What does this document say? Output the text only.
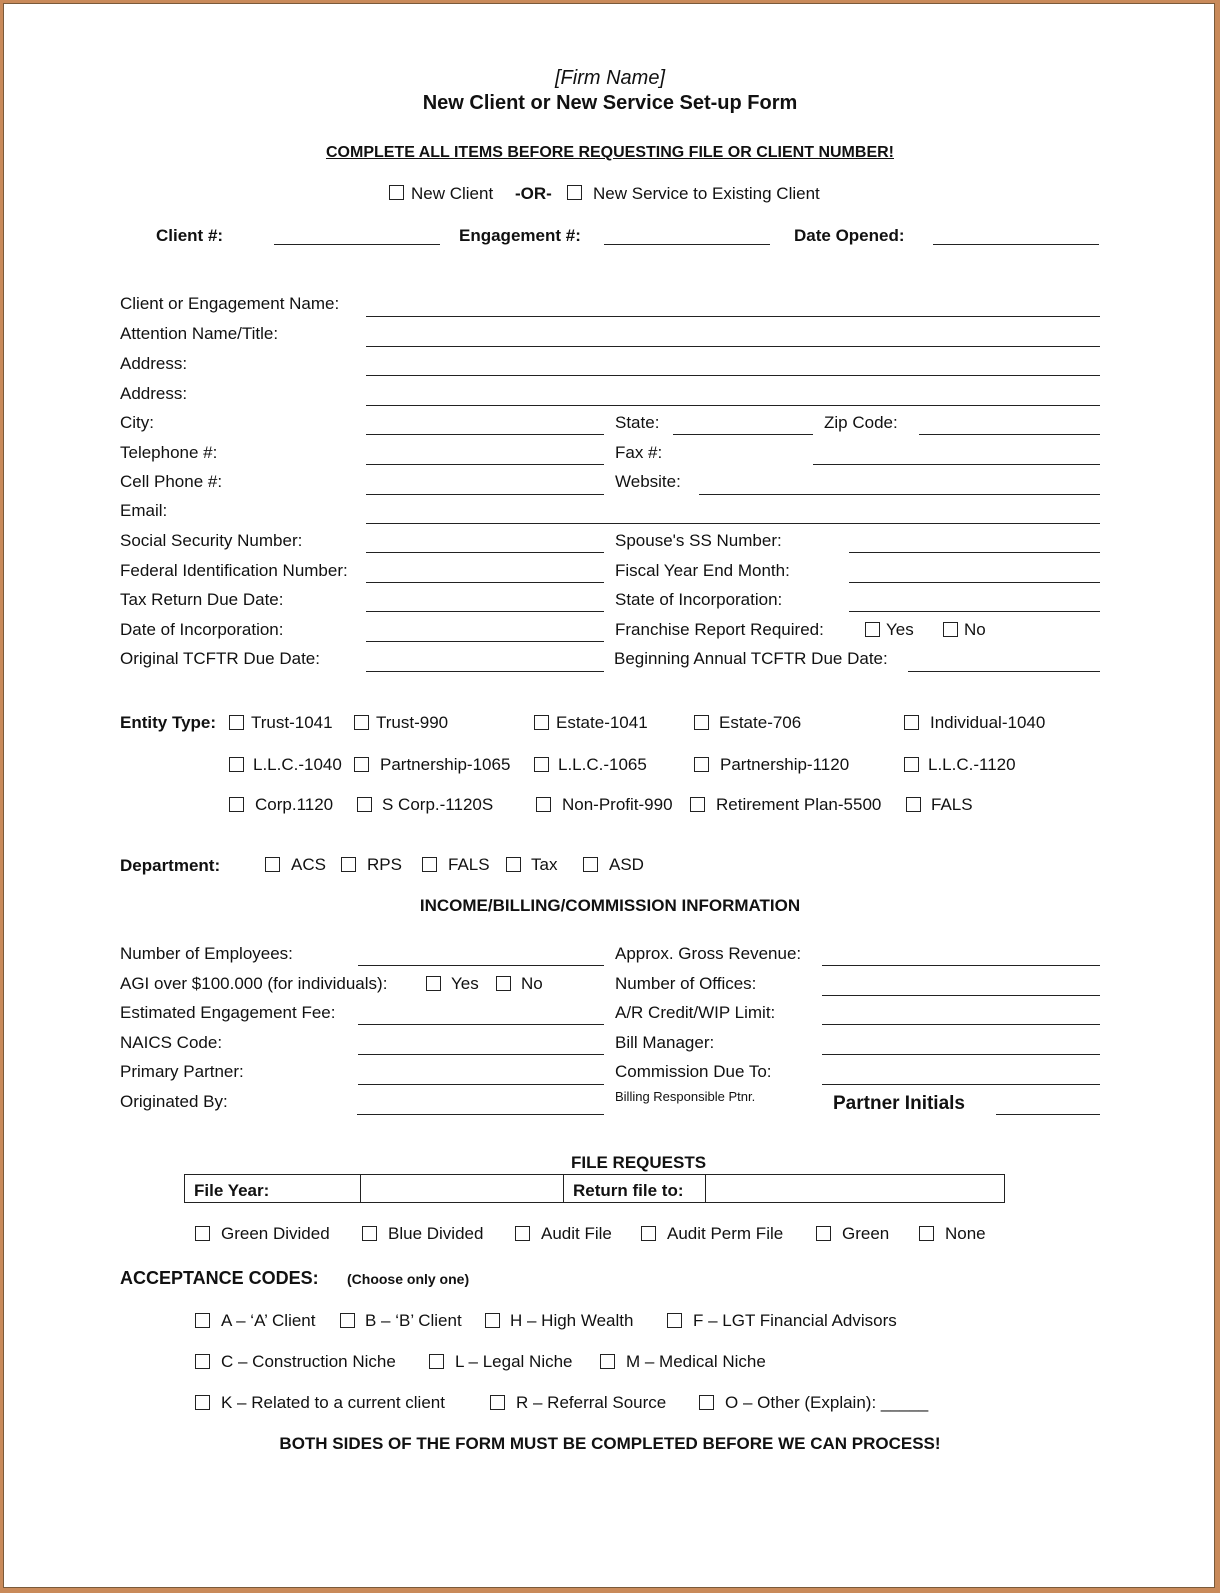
[Firm Name]
New Client or New Service Set-up Form
COMPLETE ALL ITEMS BEFORE REQUESTING FILE OR CLIENT NUMBER!
New Client -OR- New Service to Existing Client
Client #:	Engagement #:	Date Opened:
Client or Engagement Name:
Attention Name/Title:
Address:
Address:
City:	State:	Zip Code:
Telephone #:	Fax #:
Cell Phone #:	Website:
Email:
Social Security Number:	Spouse's SS Number:
Federal Identification Number:	Fiscal Year End Month:
Tax Return Due Date:	State of Incorporation:
Date of Incorporation:	Franchise Report Required:	Yes	No
Original TCFTR Due Date:	Beginning Annual TCFTR Due Date:
Entity Type: Trust-1041	Trust-990	Estate-1041	Estate-706	Individual-1040
L.L.C.-1040 Partnership-1065	L.L.C.-1065	Partnership-1120	L.L.C.-1120
Corp.1120	S Corp.-1120S	Non-Profit-990	Retirement Plan-5500	FALS
Department:	ACS RPS	FALS Tax	ASD
INCOME/BILLING/COMMISSION INFORMATION
Number of Employees:	Approx. Gross Revenue:
AGI over $100.000 (for individuals):	Yes No	Number of Offices:
Estimated Engagement Fee:	A/R Credit/WIP Limit:
NAICS Code:	Bill Manager:
Primary Partner:	Commission Due To:
Originated By:	Billing Responsible Ptnr.	Partner Initials
FILE REQUESTS
File Year:	Return file to:
Green Divided	Blue Divided	Audit File	Audit Perm File	Green	None
ACCEPTANCE CODES: (Choose only one)
A – ‘A’ Client	B – ‘B’ Client	H – High Wealth	F – LGT Financial Advisors
C – Construction Niche	L – Legal Niche	M – Medical Niche
K – Related to a current client	R – Referral Source	O – Other (Explain): _____
BOTH SIDES OF THE FORM MUST BE COMPLETED BEFORE WE CAN PROCESS!
